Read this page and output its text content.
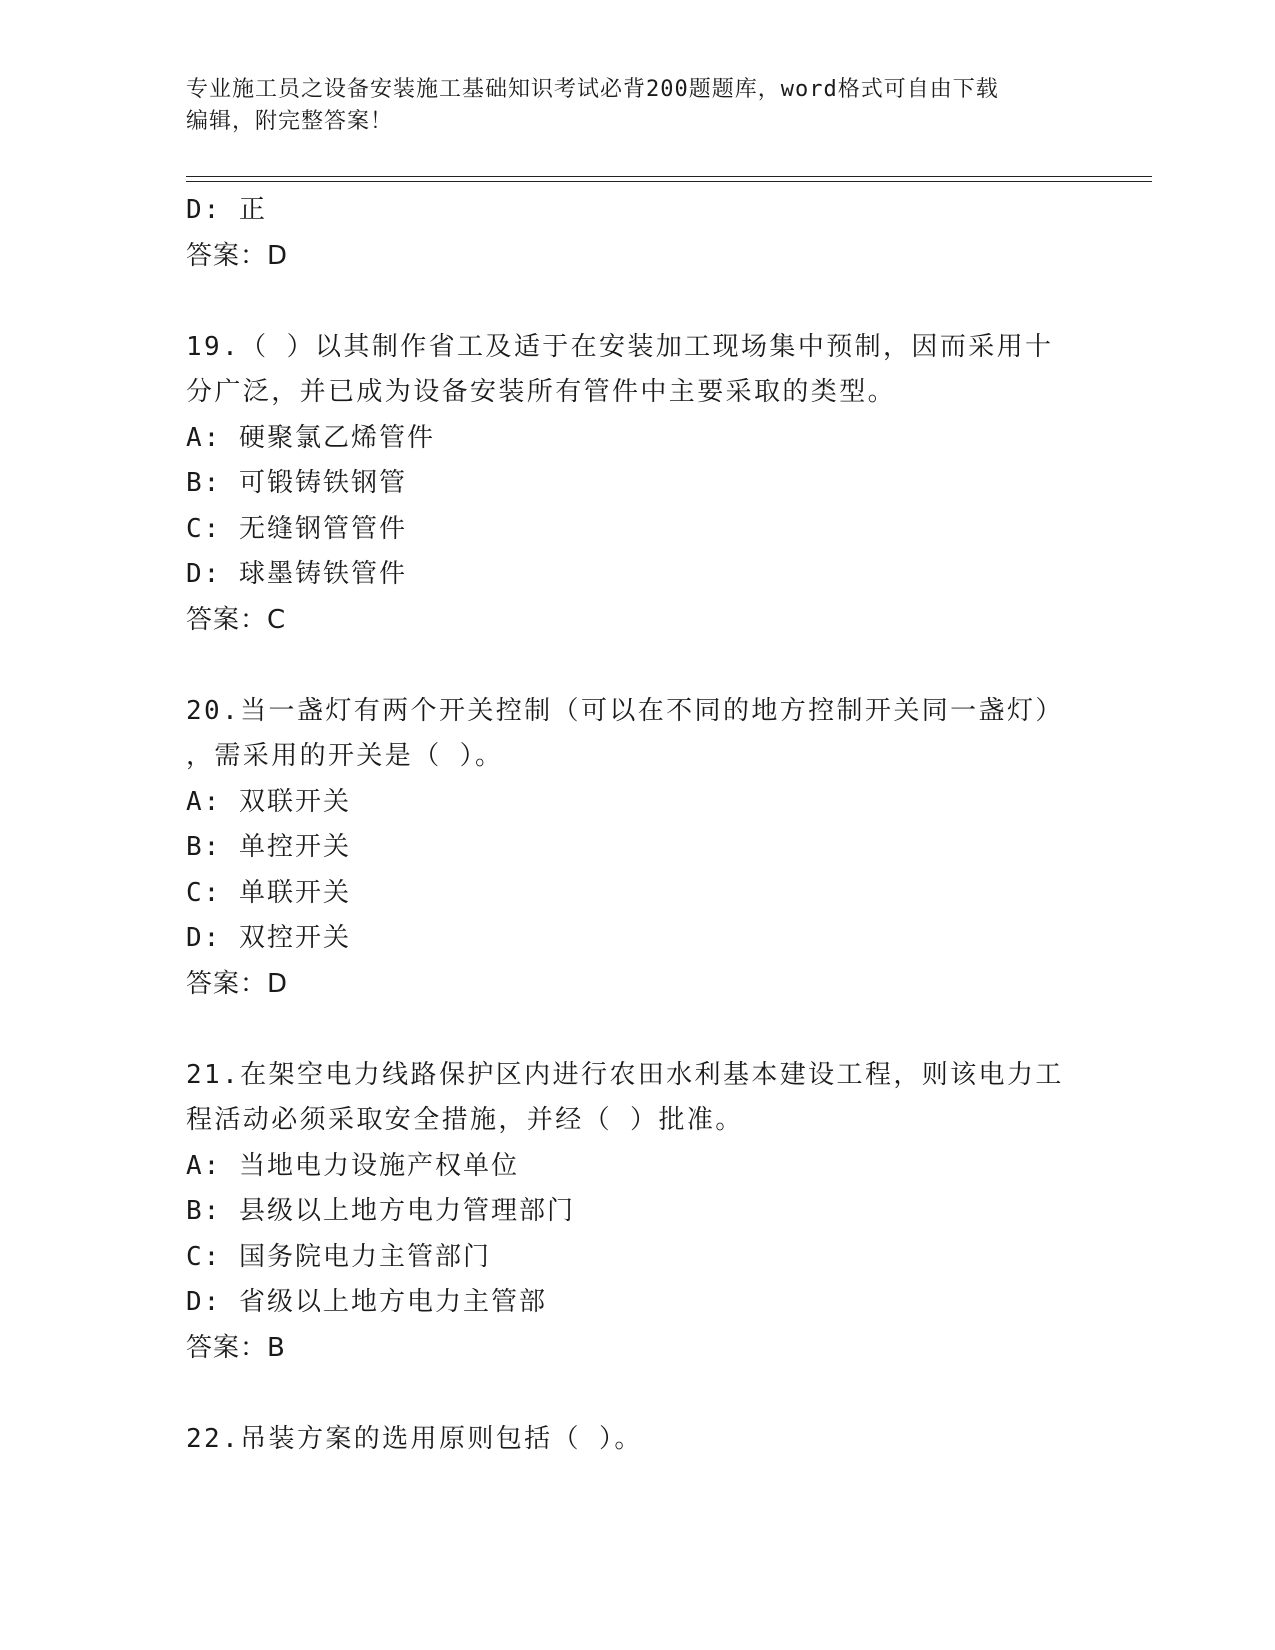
专业施工员之设备安装施工基础知识考试必背200题题库，word格式可自由下载
编辑，附完整答案！
D: 正
答案：D
19.（ ）以其制作省工及适于在安装加工现场集中预制，因而采用十
分广泛，并已成为设备安装所有管件中主要采取的类型。
A: 硬聚氯乙烯管件
B: 可锻铸铁钢管
C: 无缝钢管管件
D: 球墨铸铁管件
答案：C
20.当一盏灯有两个开关控制（可以在不同的地方控制开关同一盏灯）
，需采用的开关是（ ）。
A: 双联开关
B: 单控开关
C: 单联开关
D: 双控开关
答案：D
21.在架空电力线路保护区内进行农田水利基本建设工程，则该电力工
程活动必须采取安全措施，并经（ ）批准。
A: 当地电力设施产权单位
B: 县级以上地方电力管理部门
C: 国务院电力主管部门
D: 省级以上地方电力主管部
答案：B
22.吊装方案的选用原则包括（ ）。
